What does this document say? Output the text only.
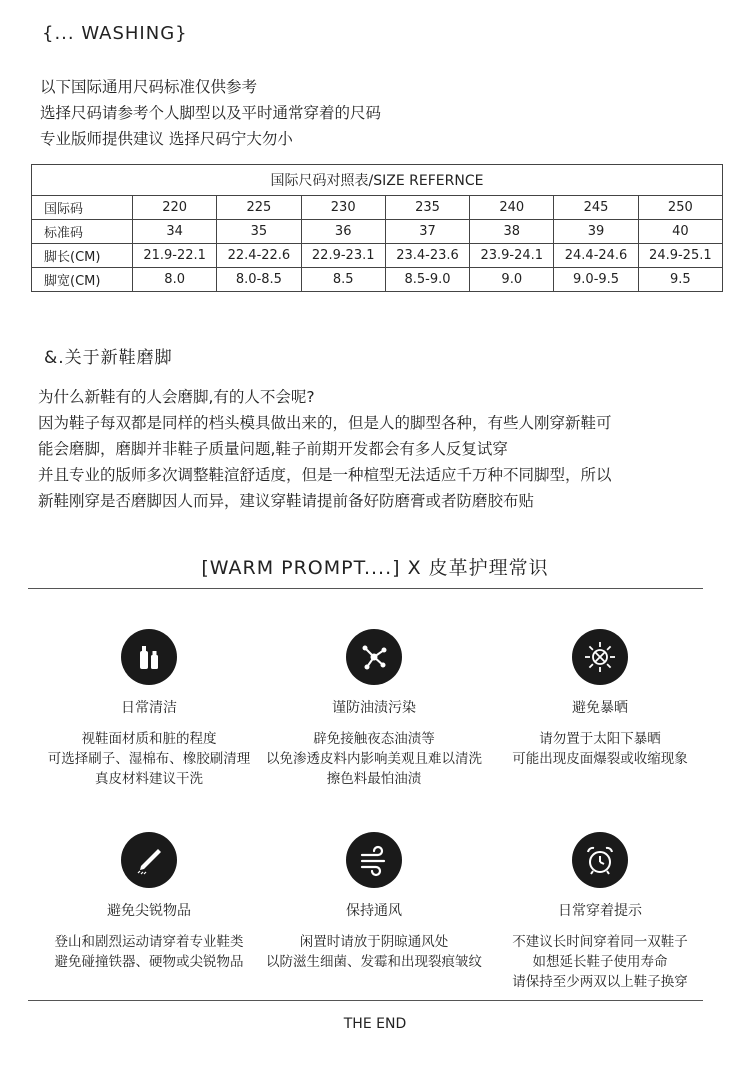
{... WASHING}
以下国际通用尺码标准仅供参考
选择尺码请参考个人脚型以及平时通常穿着的尺码
专业版师提供建议 选择尺码宁大勿小
国际尺码对照表/SIZE REFERNCE							
国际码	220	225	230	235	240	245	250
标准码	34	35	36	37	38	39	40
脚长(CM)	21.9-22.1	22.4-22.6	22.9-23.1	23.4-23.6	23.9-24.1	24.4-24.6	24.9-25.1
脚宽(CM)	8.0	8.0-8.5	8.5	8.5-9.0	9.0	9.0-9.5	9.5
&.关于新鞋磨脚
为什么新鞋有的人会磨脚,有的人不会呢?
因为鞋子每双都是同样的档头模具做出来的，但是人的脚型各种，有些人刚穿新鞋可
能会磨脚，磨脚并非鞋子质量问题,鞋子前期开发都会有多人反复试穿
并且专业的版师多次调整鞋渲舒适度，但是一种楦型无法适应千万种不同脚型，所以
新鞋刚穿是否磨脚因人而异，建议穿鞋请提前备好防磨膏或者防磨胶布贴
[WARM PROMPT....] X 皮革护理常识
日常清洁
视鞋面材质和脏的程度
可选择刷子、湿棉布、橡胶刷清理
真皮材料建议干洗
谨防油渍污染
辟免接触夜态油渍等
以免渗透皮料内影响美观且难以清洗
擦色料最怕油渍
避免暴晒
请勿置于太阳下暴晒
可能出现皮面爆裂或收缩现象
避免尖锐物品
登山和剧烈运动请穿着专业鞋类
避免碰撞铁器、硬物或尖锐物品
保持通风
闲置时请放于阴晾通风处
以防滋生细菌、发霉和出现裂痕皱纹
日常穿着提示
不建议长时间穿着同一双鞋子
如想延长鞋子使用寿命
请保持至少两双以上鞋子换穿
THE END
